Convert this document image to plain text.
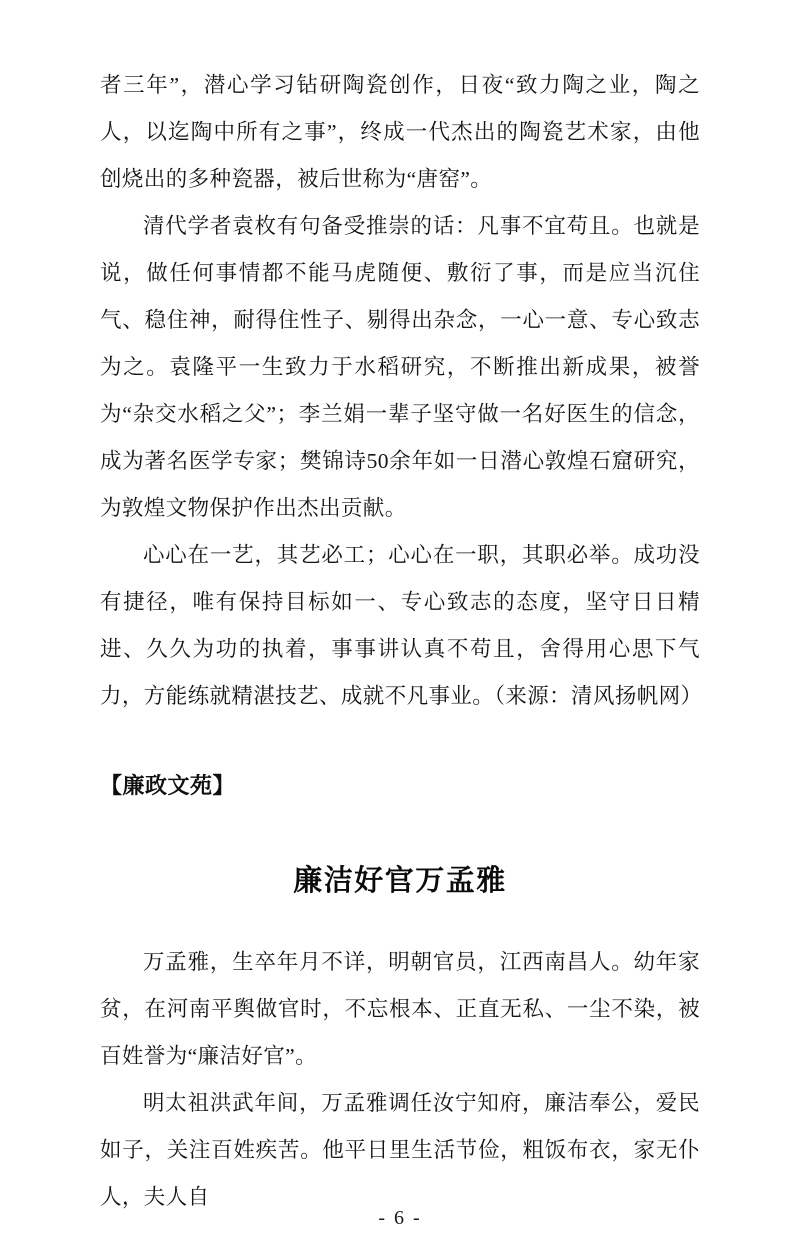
者三年”，潜心学习钻研陶瓷创作，日夜“致力陶之业，陶之人，以迄陶中所有之事”，终成一代杰出的陶瓷艺术家，由他创烧出的多种瓷器，被后世称为“唐窑”。

清代学者袁枚有句备受推崇的话：凡事不宜苟且。也就是说，做任何事情都不能马虎随便、敷衍了事，而是应当沉住气、稳住神，耐得住性子、剔得出杂念，一心一意、专心致志为之。袁隆平一生致力于水稻研究，不断推出新成果，被誉为“杂交水稻之父”；李兰娟一辈子坚守做一名好医生的信念，成为著名医学专家；樊锦诗50余年如一日潜心敦煌石窟研究，为敦煌文物保护作出杰出贡献。

心心在一艺，其艺必工；心心在一职，其职必举。成功没有捷径，唯有保持目标如一、专心致志的态度，坚守日日精进、久久为功的执着，事事讲认真不苟且，舍得用心思下气力，方能练就精湛技艺、成就不凡事业。（来源：清风扬帆网）

【廉政文苑】
廉洁好官万孟雅

万孟雅，生卒年月不详，明朝官员，江西南昌人。幼年家贫，在河南平舆做官时，不忘根本、正直无私、一尘不染，被百姓誉为“廉洁好官”。

明太祖洪武年间，万孟雅调任汝宁知府，廉洁奉公，爱民如子，关注百姓疾苦。他平日里生活节俭，粗饭布衣，家无仆人，夫人自

- 6 -
